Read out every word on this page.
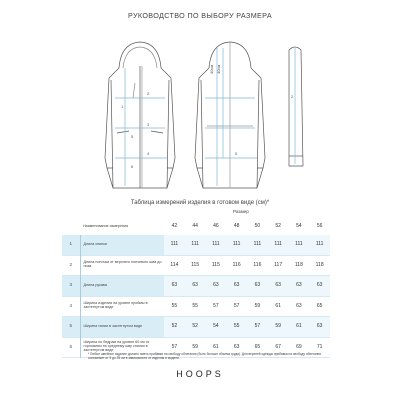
РУКОВОДСТВО ПО ВЫБОРУ РАЗМЕРА
1
2
3
4
5
6
40см 40см
5
2
Таблица измерений изделия в готовом виде (см)*
Размер
	Наименование измерения	42	44	46	48	50	52	54	56
1	Длина спинки	111	111	111	111	111	111	111	111
2	Длина полочки от верхнего плечевого шва до низа	114	115	115	116	116	117	118	118
3	Длина рукава	63	63	63	63	63	63	63	63
4	Ширина изделия на уровне проймы в застегнутом виде	55	55	57	57	59	61	63	65
5	Ширина талии в застегнутом виде	52	52	54	55	57	59	61	63
6	Ширина по бедрам на уровне 60 см от горловины по среднему шву спинки в застегнутом виде	57	59	61	63	65	67	69	71
* Любое швейное изделие должно иметь прибавки на свободу облегания (быть больше объема груди). Для верхней одежды прибавка на свободу облегания составляет от 5 до 25 см в зависимости от изделия и модели.
HOOPS
